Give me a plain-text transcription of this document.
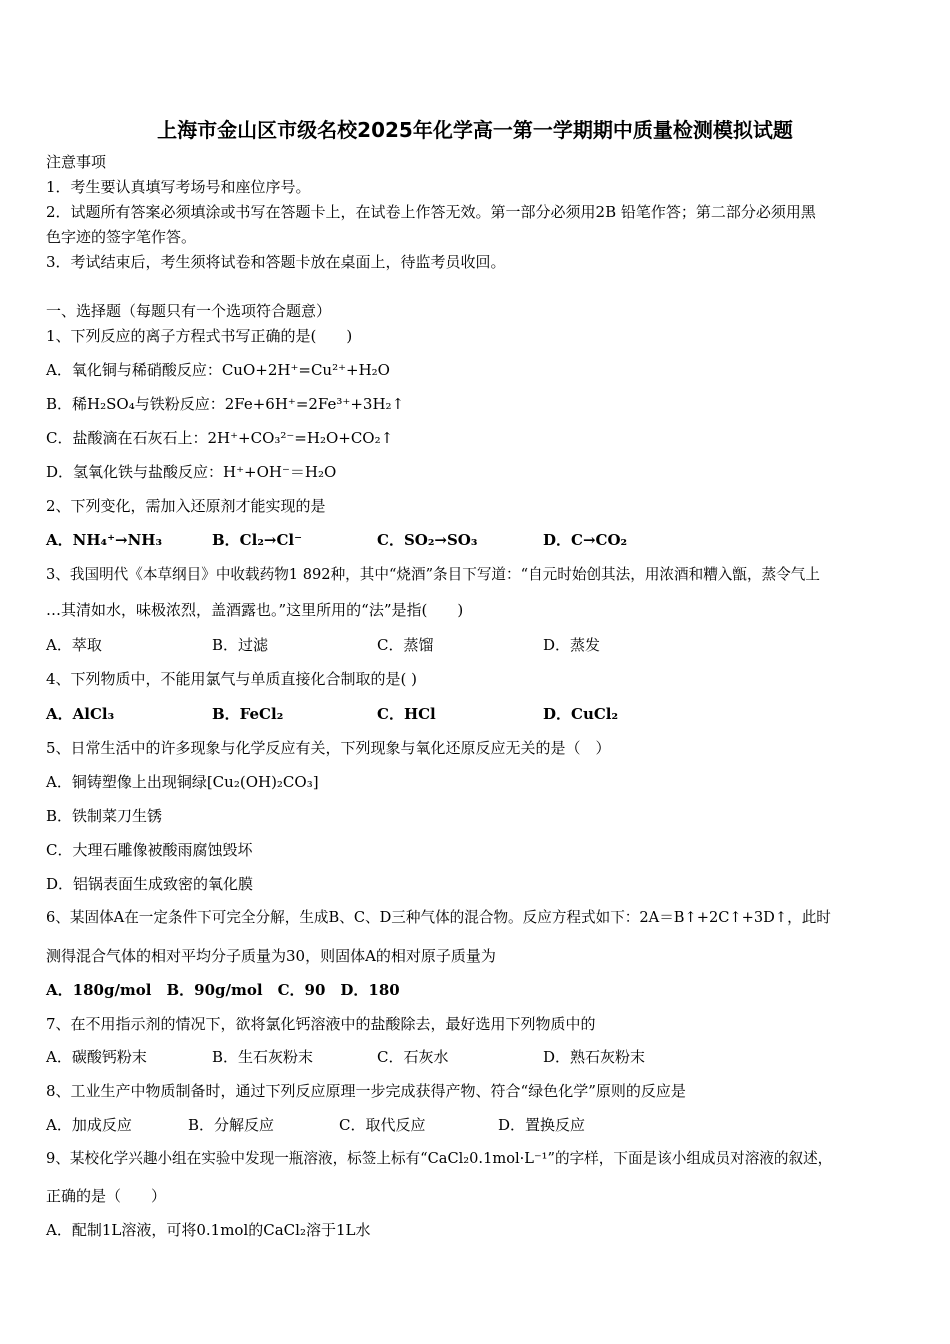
上海市金山区市级名校2025年化学高一第一学期期中质量检测模拟试题
注意事项
1．考生要认真填写考场号和座位序号。
2．试题所有答案必须填涂或书写在答题卡上，在试卷上作答无效。第一部分必须用2B 铅笔作答；第二部分必须用黑
色字迹的签字笔作答。
3．考试结束后，考生须将试卷和答题卡放在桌面上，待监考员收回。
一、选择题（每题只有一个选项符合题意）
1、下列反应的离子方程式书写正确的是(　　)
A．氧化铜与稀硝酸反应：CuO+2H⁺=Cu²⁺+H₂O
B．稀H₂SO₄与铁粉反应：2Fe+6H⁺=2Fe³⁺+3H₂↑
C．盐酸滴在石灰石上：2H⁺+CO₃²⁻=H₂O+CO₂↑
D．氢氧化铁与盐酸反应：H⁺+OH⁻＝H₂O
2、下列变化，需加入还原剂才能实现的是
A．NH₄⁺→NH₃	B．Cl₂→Cl⁻	C．SO₂→SO₃	D．C→CO₂
3、我国明代《本草纲目》中收载药物1 892种，其中“烧酒”条目下写道：“自元时始创其法，用浓酒和糟入甑，蒸令气上
…其清如水，味极浓烈，盖酒露也。”这里所用的“法”是指(　　)
A．萃取	B．过滤	C．蒸馏	D．蒸发
4、下列物质中，不能用氯气与单质直接化合制取的是( )
A．AlCl₃	B．FeCl₂	C．HCl	D．CuCl₂
5、日常生活中的许多现象与化学反应有关，下列现象与氧化还原反应无关的是（　）
A．铜铸塑像上出现铜绿[Cu₂(OH)₂CO₃]
B．铁制菜刀生锈
C．大理石雕像被酸雨腐蚀毁坏
D．铝锅表面生成致密的氧化膜
6、某固体A在一定条件下可完全分解，生成B、C、D三种气体的混合物。反应方程式如下：2A＝B↑+2C↑+3D↑，此时
测得混合气体的相对平均分子质量为30，则固体A的相对原子质量为
A．180g/mol　B．90g/mol　C．90　D．180
7、在不用指示剂的情况下，欲将氯化钙溶液中的盐酸除去，最好选用下列物质中的
A．碳酸钙粉末	B．生石灰粉末	C．石灰水	D．熟石灰粉末
8、工业生产中物质制备时，通过下列反应原理一步完成获得产物、符合“绿色化学”原则的反应是
A．加成反应	B．分解反应	C．取代反应	D．置换反应
9、某校化学兴趣小组在实验中发现一瓶溶液，标签上标有“CaCl₂0.1mol·L⁻¹”的字样，下面是该小组成员对溶液的叙述，
正确的是（　　）
A．配制1L溶液，可将0.1mol的CaCl₂溶于1L水
